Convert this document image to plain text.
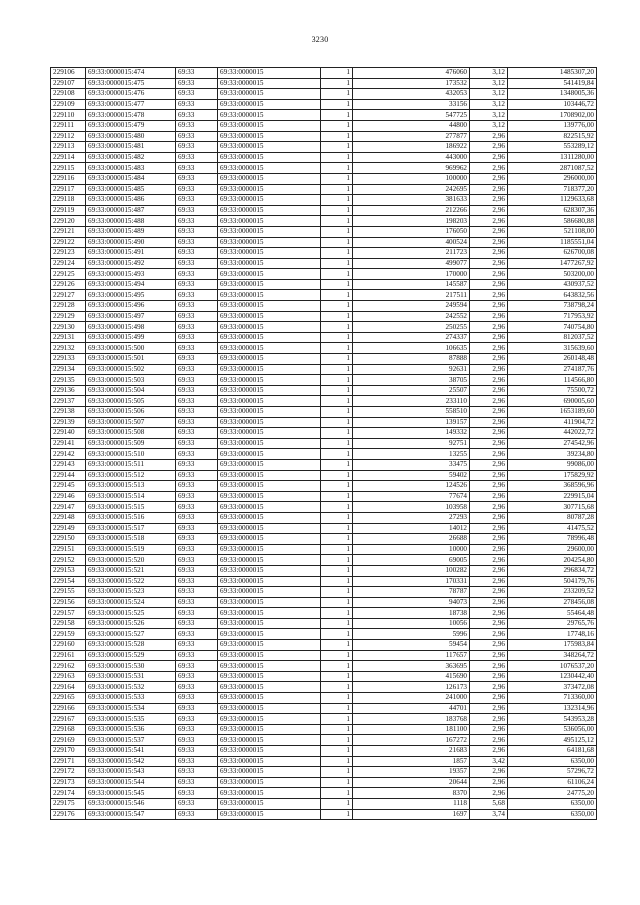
3230
229106	69:33:0000015:474	69:33	69:33:0000015	1	476060	3,12	1485307,20
229107	69:33:0000015:475	69:33	69:33:0000015	1	173532	3,12	541419,84
229108	69:33:0000015:476	69:33	69:33:0000015	1	432053	3,12	1348005,36
229109	69:33:0000015:477	69:33	69:33:0000015	1	33156	3,12	103446,72
229110	69:33:0000015:478	69:33	69:33:0000015	1	547725	3,12	1708902,00
229111	69:33:0000015:479	69:33	69:33:0000015	1	44800	3,12	139776,00
229112	69:33:0000015:480	69:33	69:33:0000015	1	277877	2,96	822515,92
229113	69:33:0000015:481	69:33	69:33:0000015	1	186922	2,96	553289,12
229114	69:33:0000015:482	69:33	69:33:0000015	1	443000	2,96	1311280,00
229115	69:33:0000015:483	69:33	69:33:0000015	1	969962	2,96	2871087,52
229116	69:33:0000015:484	69:33	69:33:0000015	1	100000	2,96	296000,00
229117	69:33:0000015:485	69:33	69:33:0000015	1	242695	2,96	718377,20
229118	69:33:0000015:486	69:33	69:33:0000015	1	381633	2,96	1129633,68
229119	69:33:0000015:487	69:33	69:33:0000015	1	212266	2,96	628307,36
229120	69:33:0000015:488	69:33	69:33:0000015	1	198203	2,96	586680,88
229121	69:33:0000015:489	69:33	69:33:0000015	1	176050	2,96	521108,00
229122	69:33:0000015:490	69:33	69:33:0000015	1	400524	2,96	1185551,04
229123	69:33:0000015:491	69:33	69:33:0000015	1	211723	2,96	626700,08
229124	69:33:0000015:492	69:33	69:33:0000015	1	499077	2,96	1477267,92
229125	69:33:0000015:493	69:33	69:33:0000015	1	170000	2,96	503200,00
229126	69:33:0000015:494	69:33	69:33:0000015	1	145587	2,96	430937,52
229127	69:33:0000015:495	69:33	69:33:0000015	1	217511	2,96	643832,56
229128	69:33:0000015:496	69:33	69:33:0000015	1	249594	2,96	738798,24
229129	69:33:0000015:497	69:33	69:33:0000015	1	242552	2,96	717953,92
229130	69:33:0000015:498	69:33	69:33:0000015	1	250255	2,96	740754,80
229131	69:33:0000015:499	69:33	69:33:0000015	1	274337	2,96	812037,52
229132	69:33:0000015:500	69:33	69:33:0000015	1	106635	2,96	315639,60
229133	69:33:0000015:501	69:33	69:33:0000015	1	87888	2,96	260148,48
229134	69:33:0000015:502	69:33	69:33:0000015	1	92631	2,96	274187,76
229135	69:33:0000015:503	69:33	69:33:0000015	1	38705	2,96	114566,80
229136	69:33:0000015:504	69:33	69:33:0000015	1	25507	2,96	75500,72
229137	69:33:0000015:505	69:33	69:33:0000015	1	233110	2,96	690005,60
229138	69:33:0000015:506	69:33	69:33:0000015	1	558510	2,96	1653189,60
229139	69:33:0000015:507	69:33	69:33:0000015	1	139157	2,96	411904,72
229140	69:33:0000015:508	69:33	69:33:0000015	1	149332	2,96	442022,72
229141	69:33:0000015:509	69:33	69:33:0000015	1	92751	2,96	274542,96
229142	69:33:0000015:510	69:33	69:33:0000015	1	13255	2,96	39234,80
229143	69:33:0000015:511	69:33	69:33:0000015	1	33475	2,96	99086,00
229144	69:33:0000015:512	69:33	69:33:0000015	1	59402	2,96	175829,92
229145	69:33:0000015:513	69:33	69:33:0000015	1	124526	2,96	368596,96
229146	69:33:0000015:514	69:33	69:33:0000015	1	77674	2,96	229915,04
229147	69:33:0000015:515	69:33	69:33:0000015	1	103958	2,96	307715,68
229148	69:33:0000015:516	69:33	69:33:0000015	1	27293	2,96	80787,28
229149	69:33:0000015:517	69:33	69:33:0000015	1	14012	2,96	41475,52
229150	69:33:0000015:518	69:33	69:33:0000015	1	26688	2,96	78996,48
229151	69:33:0000015:519	69:33	69:33:0000015	1	10000	2,96	29600,00
229152	69:33:0000015:520	69:33	69:33:0000015	1	69005	2,96	204254,80
229153	69:33:0000015:521	69:33	69:33:0000015	1	100282	2,96	296834,72
229154	69:33:0000015:522	69:33	69:33:0000015	1	170331	2,96	504179,76
229155	69:33:0000015:523	69:33	69:33:0000015	1	78787	2,96	233209,52
229156	69:33:0000015:524	69:33	69:33:0000015	1	94073	2,96	278456,08
229157	69:33:0000015:525	69:33	69:33:0000015	1	18738	2,96	55464,48
229158	69:33:0000015:526	69:33	69:33:0000015	1	10056	2,96	29765,76
229159	69:33:0000015:527	69:33	69:33:0000015	1	5996	2,96	17748,16
229160	69:33:0000015:528	69:33	69:33:0000015	1	59454	2,96	175983,84
229161	69:33:0000015:529	69:33	69:33:0000015	1	117657	2,96	348264,72
229162	69:33:0000015:530	69:33	69:33:0000015	1	363695	2,96	1076537,20
229163	69:33:0000015:531	69:33	69:33:0000015	1	415690	2,96	1230442,40
229164	69:33:0000015:532	69:33	69:33:0000015	1	126173	2,96	373472,08
229165	69:33:0000015:533	69:33	69:33:0000015	1	241000	2,96	713360,00
229166	69:33:0000015:534	69:33	69:33:0000015	1	44701	2,96	132314,96
229167	69:33:0000015:535	69:33	69:33:0000015	1	183768	2,96	543953,28
229168	69:33:0000015:536	69:33	69:33:0000015	1	181100	2,96	536056,00
229169	69:33:0000015:537	69:33	69:33:0000015	1	167272	2,96	495125,12
229170	69:33:0000015:541	69:33	69:33:0000015	1	21683	2,96	64181,68
229171	69:33:0000015:542	69:33	69:33:0000015	1	1857	3,42	6350,00
229172	69:33:0000015:543	69:33	69:33:0000015	1	19357	2,96	57296,72
229173	69:33:0000015:544	69:33	69:33:0000015	1	20644	2,96	61106,24
229174	69:33:0000015:545	69:33	69:33:0000015	1	8370	2,96	24775,20
229175	69:33:0000015:546	69:33	69:33:0000015	1	1118	5,68	6350,00
229176	69:33:0000015:547	69:33	69:33:0000015	1	1697	3,74	6350,00
